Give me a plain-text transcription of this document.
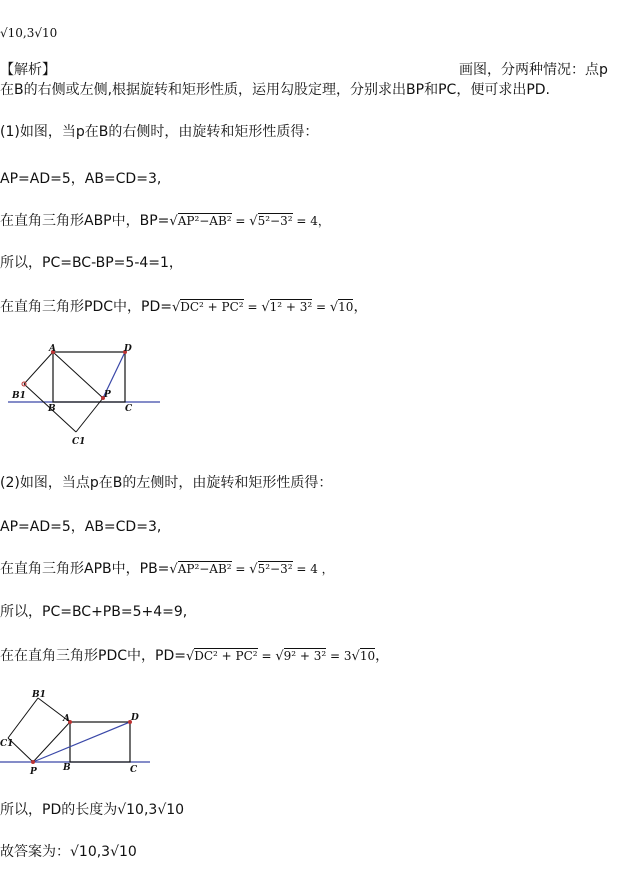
√10,3√10
【解析】	画图，分两种情况：点p
在B的右侧或左侧,根据旋转和矩形性质，运用勾股定理，分别求出BP和PC，便可求出PD.
(1)如图，当p在B的右侧时，由旋转和矩形性质得：
AP=AD=5，AB=CD=3,
在直角三角形ABP中，BP= √ AP²−AB² = √ 5²−3² = 4，
所以，PC=BC-BP=5-4=1，
在直角三角形PDC中，PD= √ DC² + PC² = √ 1² + 3² = √ 10，
A	D
B1
B
P
C
C1
(2)如图，当点p在B的左侧时，由旋转和矩形性质得：
AP=AD=5，AB=CD=3,
在直角三角形APB中，PB= √ AP²−AB² = √ 5²−3² = 4 ，
所以，PC=BC+PB=5+4=9,
在在直角三角形PDC中，PD= √ DC² + PC² = √ 9² + 3² = 3 √ 10，
B1
A	D
C1
P	B	C
所以，PD的长度为√10,3√10
故答案为：√10,3√10
